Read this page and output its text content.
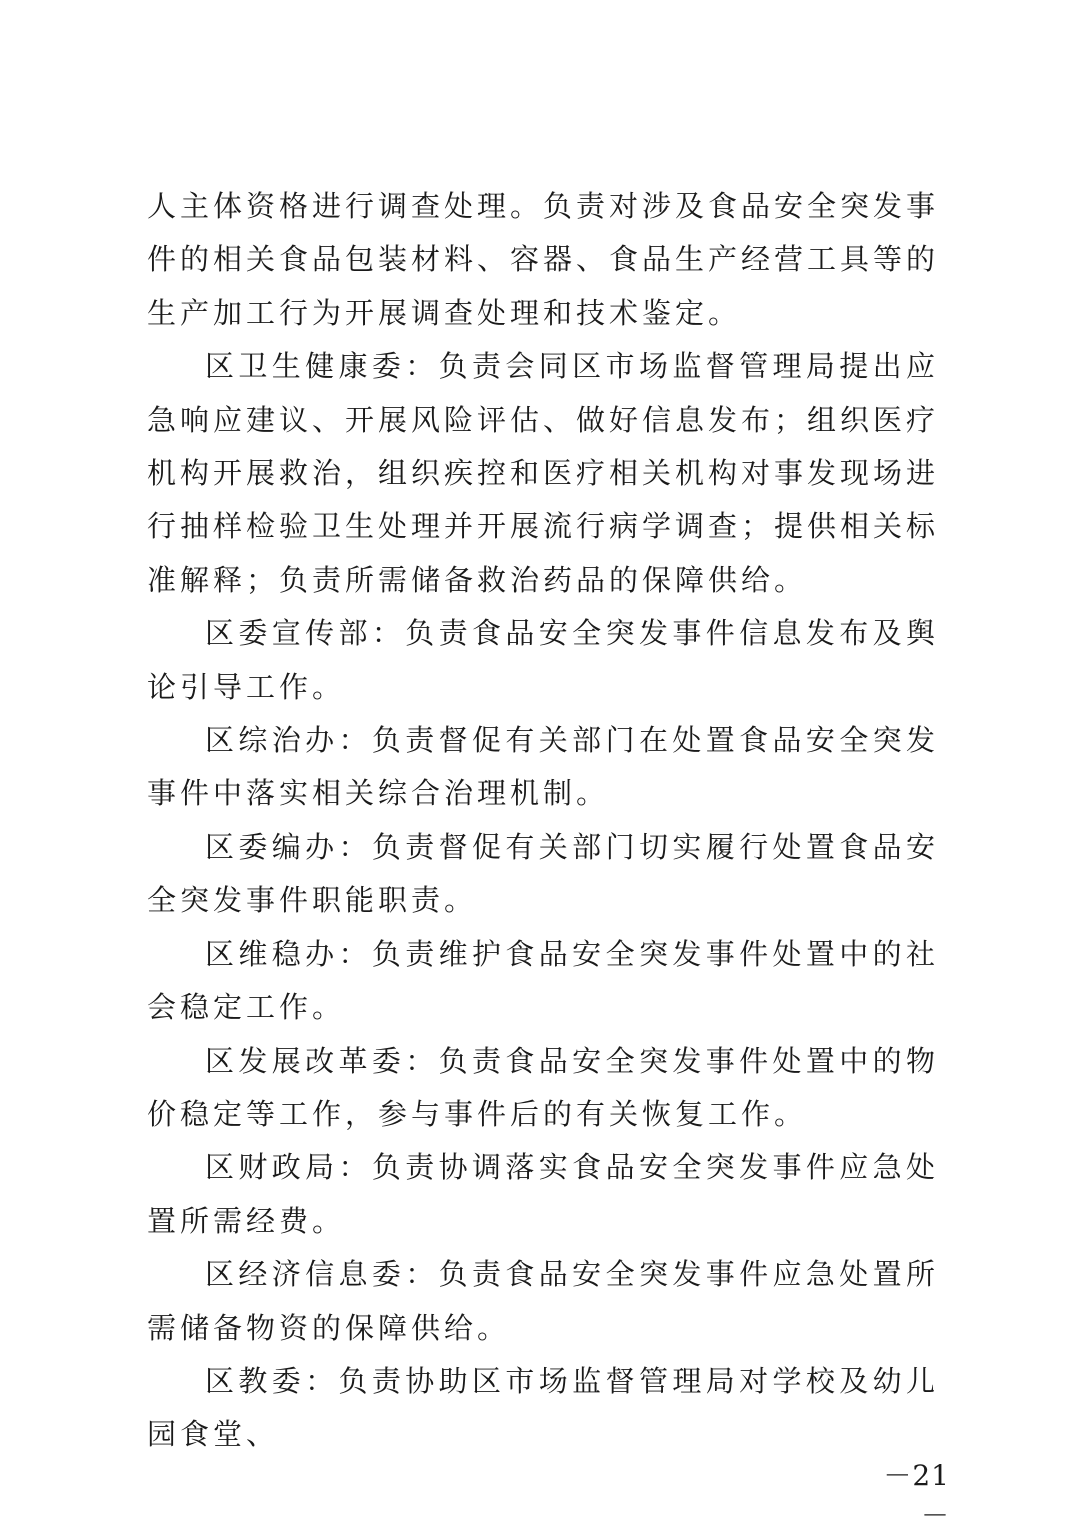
人主体资格进行调查处理。负责对涉及食品安全突发事件的相关食品包装材料、容器、食品生产经营工具等的生产加工行为开展调查处理和技术鉴定。

区卫生健康委：负责会同区市场监督管理局提出应急响应建议、开展风险评估、做好信息发布；组织医疗机构开展救治，组织疾控和医疗相关机构对事发现场进行抽样检验卫生处理并开展流行病学调查；提供相关标准解释；负责所需储备救治药品的保障供给。

区委宣传部：负责食品安全突发事件信息发布及舆论引导工作。

区综治办：负责督促有关部门在处置食品安全突发事件中落实相关综合治理机制。

区委编办：负责督促有关部门切实履行处置食品安全突发事件职能职责。

区维稳办：负责维护食品安全突发事件处置中的社会稳定工作。

区发展改革委：负责食品安全突发事件处置中的物价稳定等工作，参与事件后的有关恢复工作。

区财政局：负责协调落实食品安全突发事件应急处置所需经费。

区经济信息委：负责食品安全突发事件应急处置所需储备物资的保障供给。

区教委：负责协助区市场监督管理局对学校及幼儿园食堂、

－21－
